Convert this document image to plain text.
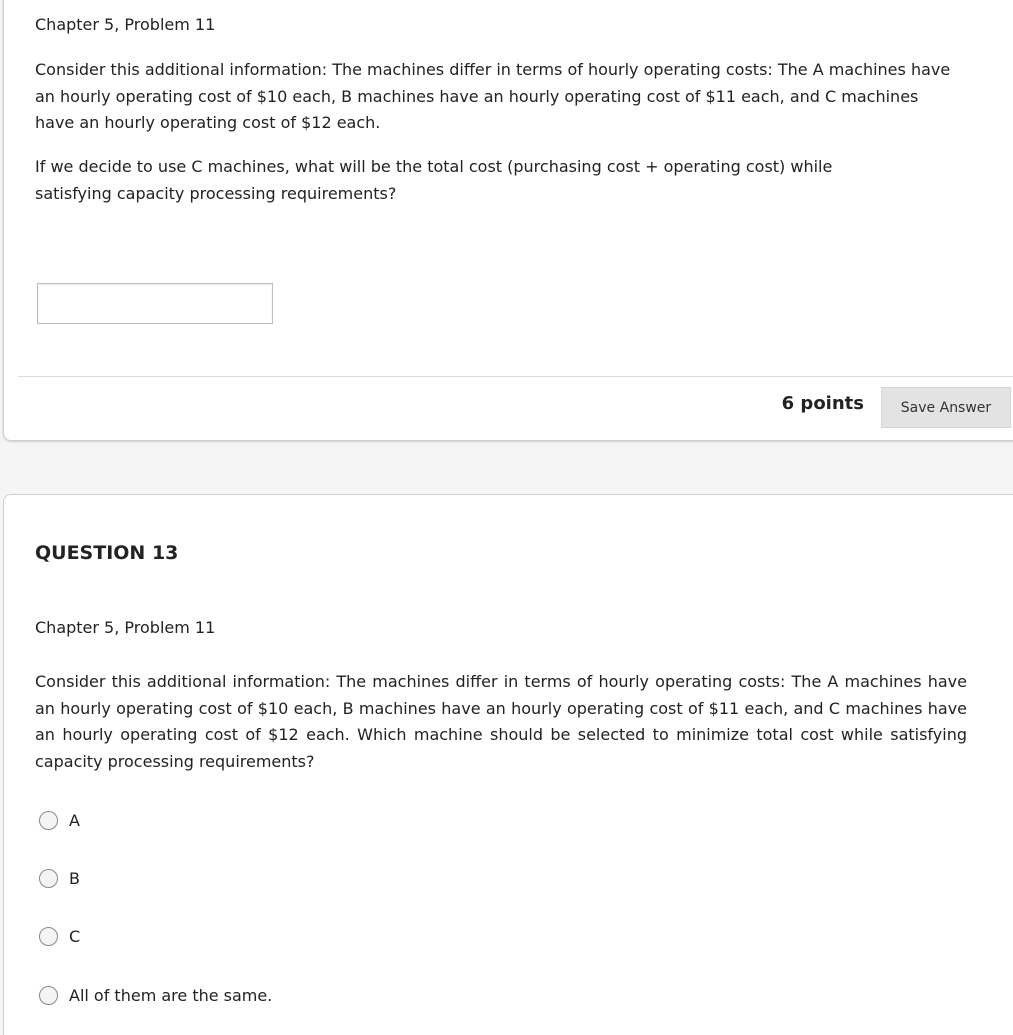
Chapter 5, Problem 11

Consider this additional information: The machines differ in terms of hourly operating costs: The A machines have an hourly operating cost of $10 each, B machines have an hourly operating cost of $11 each, and C machines have an hourly operating cost of $12 each.

If we decide to use C machines, what will be the total cost (purchasing cost + operating cost) while satisfying capacity processing requirements?

6 points	Save Answer
QUESTION 13

Chapter 5, Problem 11

Consider this additional information: The machines differ in terms of hourly operating costs: The A machines have an hourly operating cost of $10 each, B machines have an hourly operating cost of $11 each, and C machines have an hourly operating cost of $12 each. Which machine should be selected to minimize total cost while satisfying capacity processing requirements?

A
B
C
All of them are the same.
